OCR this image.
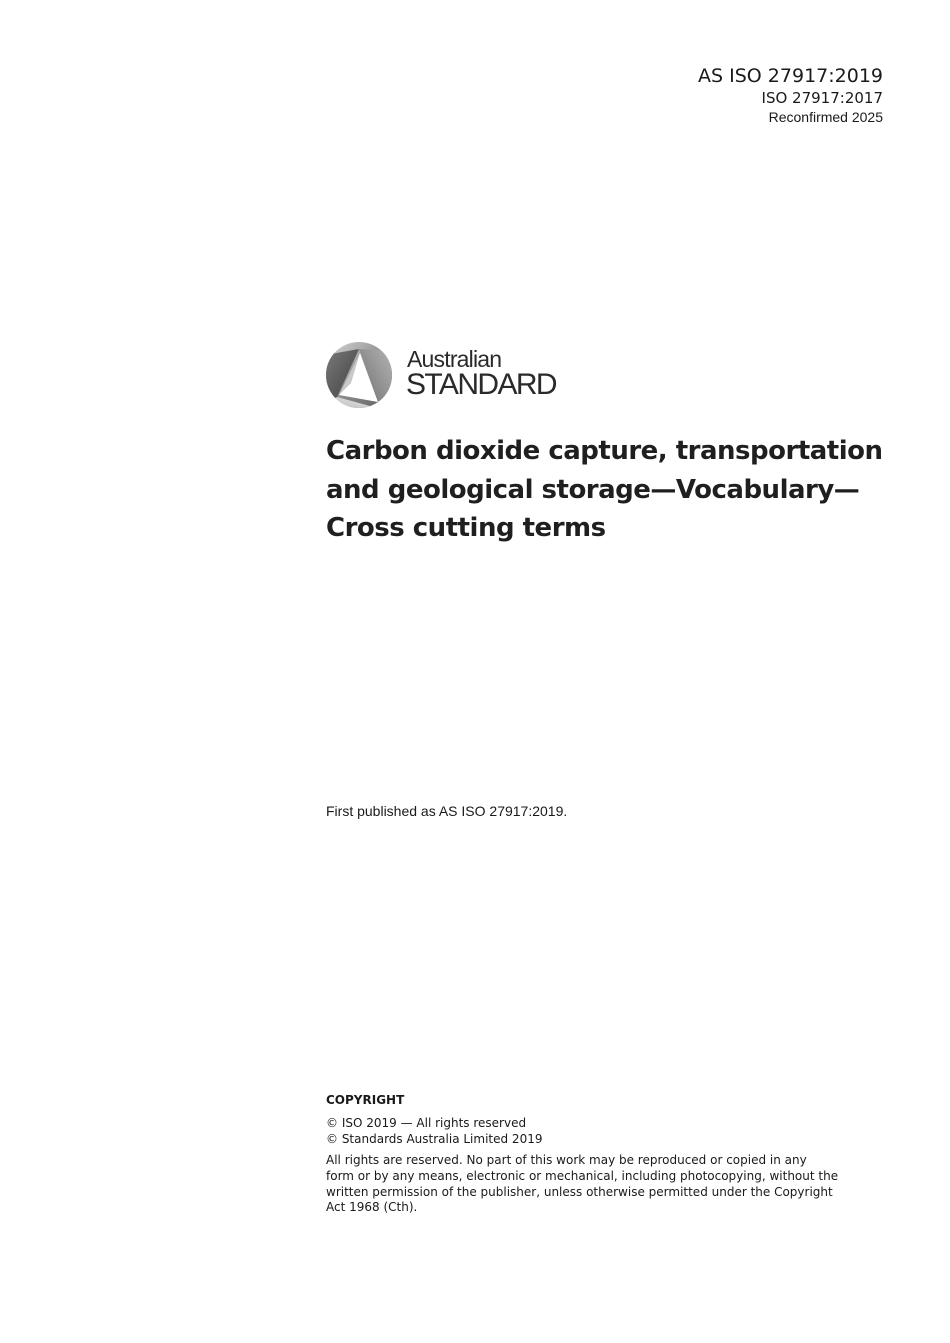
AS ISO 27917:2019
ISO 27917:2017
Reconfirmed 2025
Australian
STANDARD
Carbon dioxide capture, transportation
and geological storage—Vocabulary—
Cross cutting terms
First published as AS ISO 27917:2019.
COPYRIGHT
© ISO 2019 — All rights reserved
© Standards Australia Limited 2019
All rights are reserved. No part of this work may be reproduced or copied in any
form or by any means, electronic or mechanical, including photocopying, without the
written permission of the publisher, unless otherwise permitted under the Copyright
Act 1968 (Cth).
